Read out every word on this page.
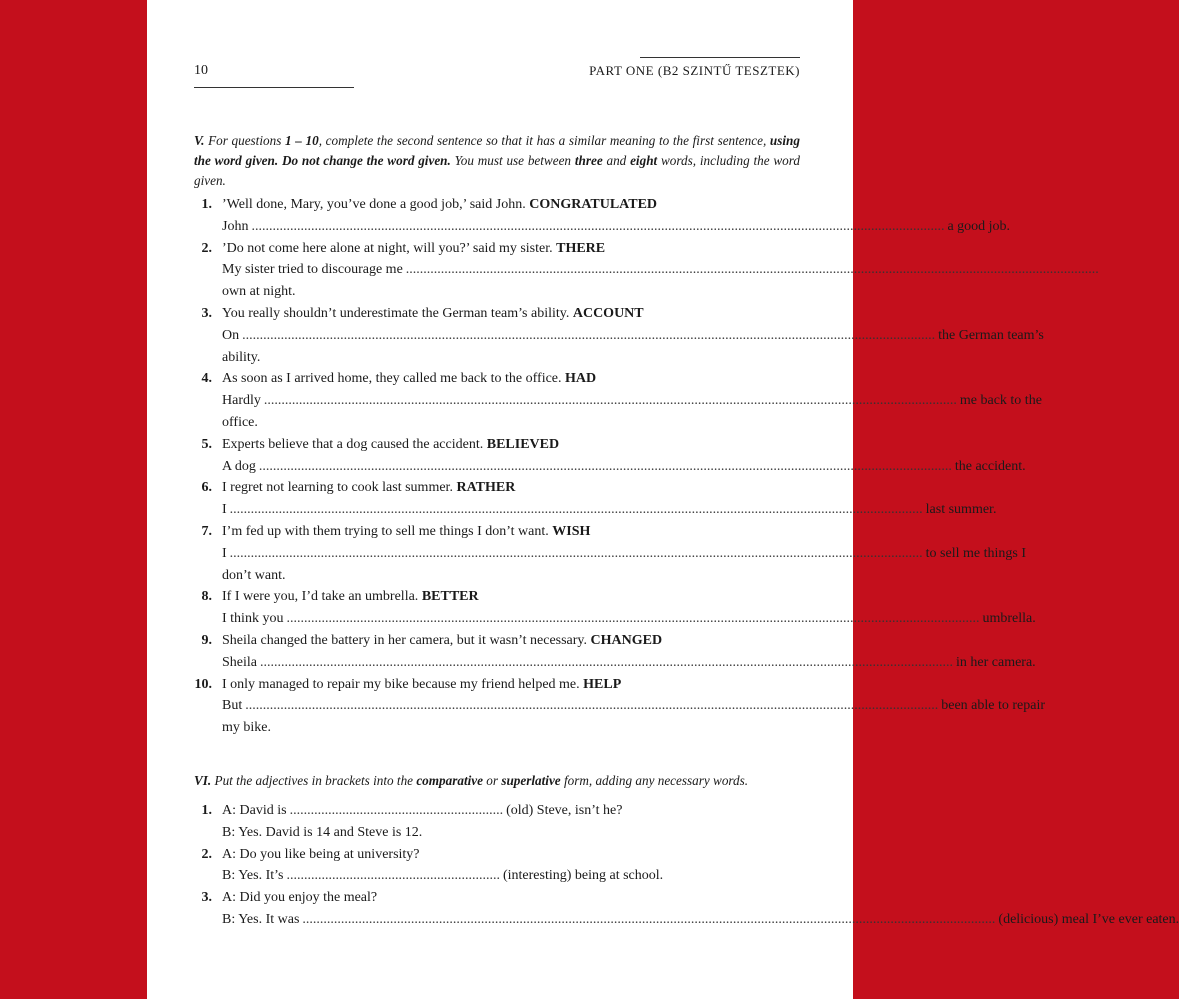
10	PART ONE (B2 SZINTŰ TESZTEK)
V. For questions 1 – 10, complete the second sentence so that it has a similar meaning to the first sentence, using the word given. Do not change the word given. You must use between three and eight words, including the word given.
1. ’Well done, Mary, you’ve done a good job,’ said John. CONGRATULATED
John .....	a good job.
2. ’Do not come here alone at night, will you?’ said my sister. THERE
My sister tried to discourage me
.....
own at night.
3. You really shouldn’t underestimate the German team’s ability. ACCOUNT
On .....	the German team’s
ability.
4. As soon as I arrived home, they called me back to the office. HAD
Hardly .....	me back to the
office.
5. Experts believe that a dog caused the accident. BELIEVED
A dog .....	the accident.
6. I regret not learning to cook last summer. RATHER
I .....	last summer.
7. I’m fed up with them trying to sell me things I don’t want. WISH
I .....	to sell me things I
don’t want.
8. If I were you, I’d take an umbrella. BETTER
I think you .....	umbrella.
9. Sheila changed the battery in her camera, but it wasn’t necessary. CHANGED
Sheila .....	in her camera.
10. I only managed to repair my bike because my friend helped me. HELP
But .....	been able to repair
my bike.
VI. Put the adjectives in brackets into the comparative or superlative form, adding any necessary words.
1. A: David is ............................................................. (old) Steve, isn’t he?
B: Yes. David is 14 and Steve is 12.
2. A: Do you like being at university?
B: Yes. It’s ............................................................. (interesting) being at school.
3. A: Did you enjoy the meal?
B: Yes. It was .....	(delicious) meal I’ve ever eaten.
